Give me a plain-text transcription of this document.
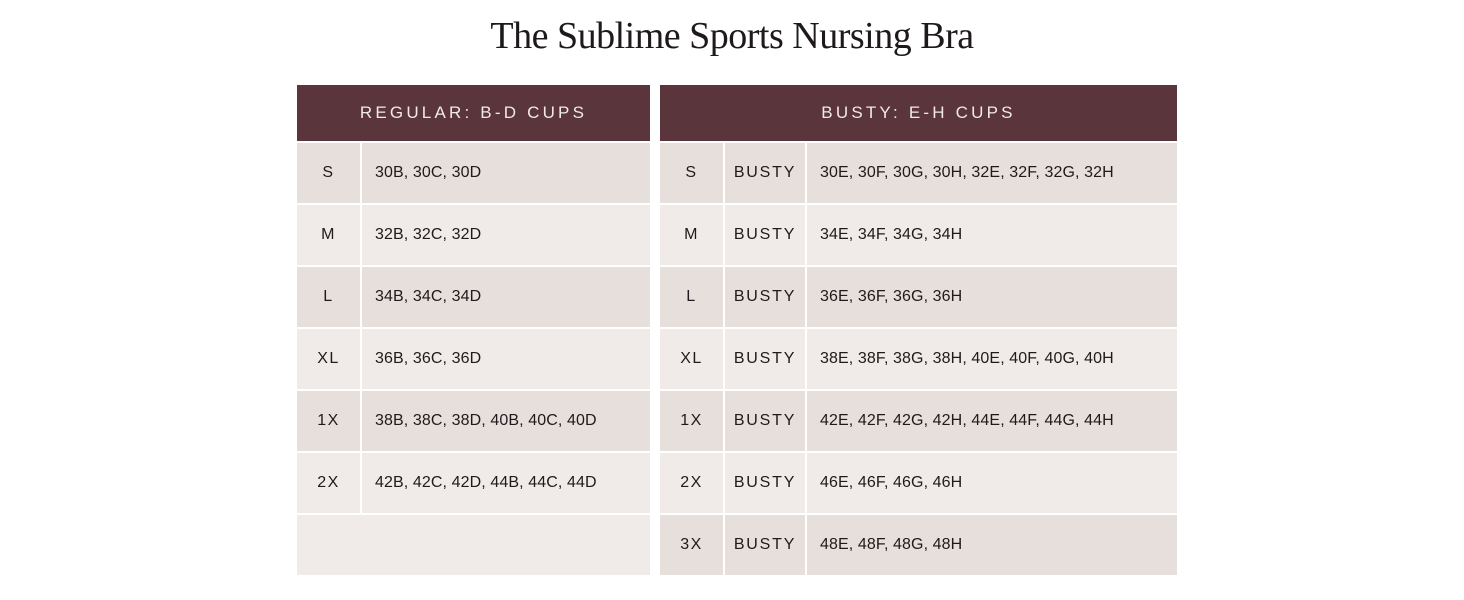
The Sublime Sports Nursing Bra
REGULAR: B-D CUPS	
S	30B, 30C, 30D
M	32B, 32C, 32D
L	34B, 34C, 34D
XL	36B, 36C, 36D
1X	38B, 38C, 38D, 40B, 40C, 40D
2X	42B, 42C, 42D, 44B, 44C, 44D

BUSTY: E-H CUPS		
S	BUSTY	30E, 30F, 30G, 30H, 32E, 32F, 32G, 32H
M	BUSTY	34E, 34F, 34G, 34H
L	BUSTY	36E, 36F, 36G, 36H
XL	BUSTY	38E, 38F, 38G, 38H, 40E, 40F, 40G, 40H
1X	BUSTY	42E, 42F, 42G, 42H, 44E, 44F, 44G, 44H
2X	BUSTY	46E, 46F, 46G, 46H
3X	BUSTY	48E, 48F, 48G, 48H
